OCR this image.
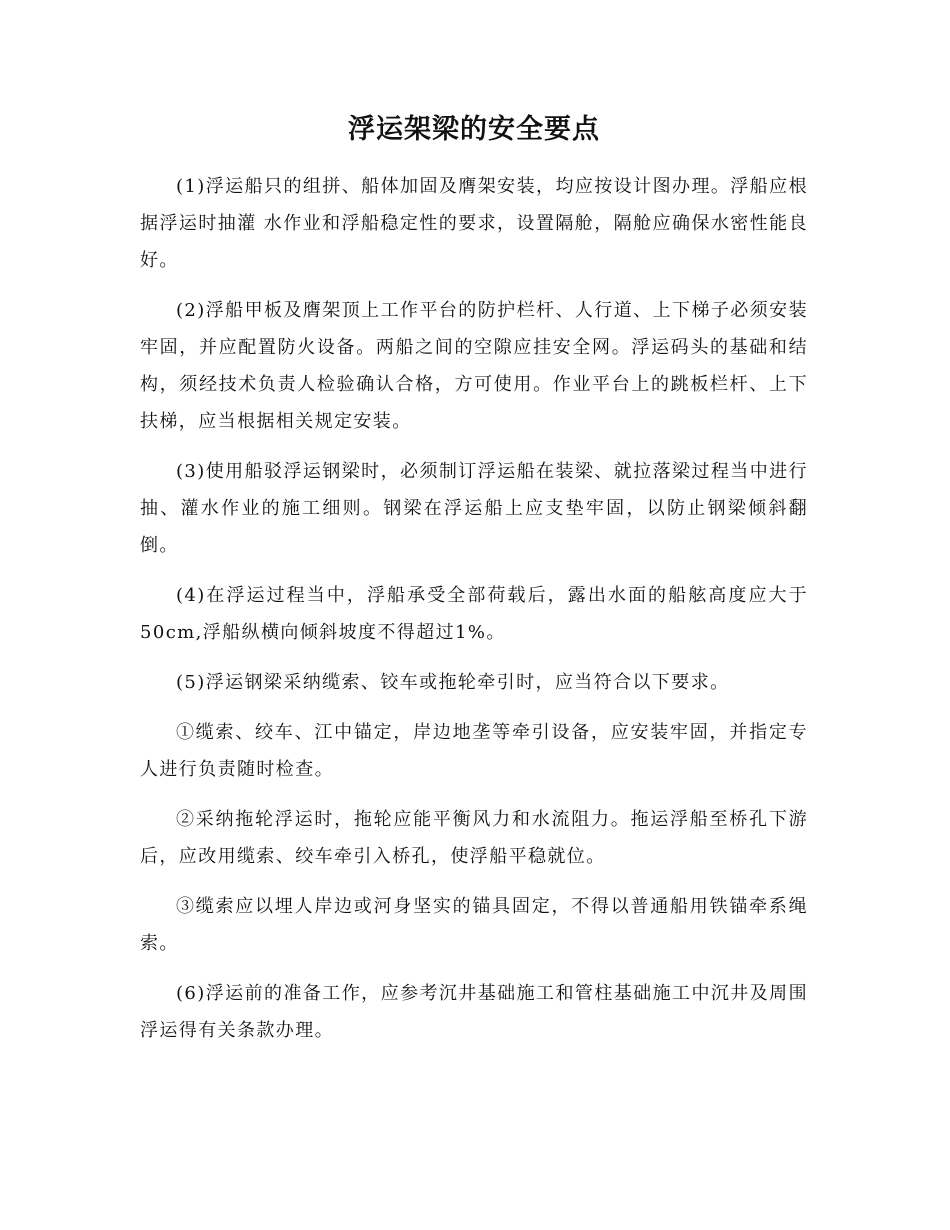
浮运架梁的安全要点

(1)浮运船只的组拼、船体加固及膺架安装，均应按设计图办理。浮船应根据浮运时抽灌 水作业和浮船稳定性的要求，设置隔舱，隔舱应确保水密性能良好。

(2)浮船甲板及膺架顶上工作平台的防护栏杆、人行道、上下梯子必须安装牢固，并应配置防火设备。两船之间的空隙应挂安全网。浮运码头的基础和结构，须经技术负责人检验确认合格，方可使用。作业平台上的跳板栏杆、上下扶梯，应当根据相关规定安装。

(3)使用船驳浮运钢梁时，必须制订浮运船在装梁、就拉落梁过程当中进行抽、灌水作业的施工细则。钢梁在浮运船上应支垫牢固，以防止钢梁倾斜翻倒。

(4)在浮运过程当中，浮船承受全部荷载后，露出水面的船舷高度应大于50cm,浮船纵横向倾斜坡度不得超过1%。

(5)浮运钢梁采纳缆索、铰车或拖轮牵引时，应当符合以下要求。

①缆索、绞车、江中锚定，岸边地垄等牵引设备，应安装牢固，并指定专人进行负责随时检查。

②采纳拖轮浮运时，拖轮应能平衡风力和水流阻力。拖运浮船至桥孔下游后，应改用缆索、绞车牵引入桥孔，使浮船平稳就位。

③缆索应以埋人岸边或河身坚实的锚具固定，不得以普通船用铁锚牵系绳索。

(6)浮运前的准备工作，应参考沉井基础施工和管柱基础施工中沉井及周围浮运得有关条款办理。
